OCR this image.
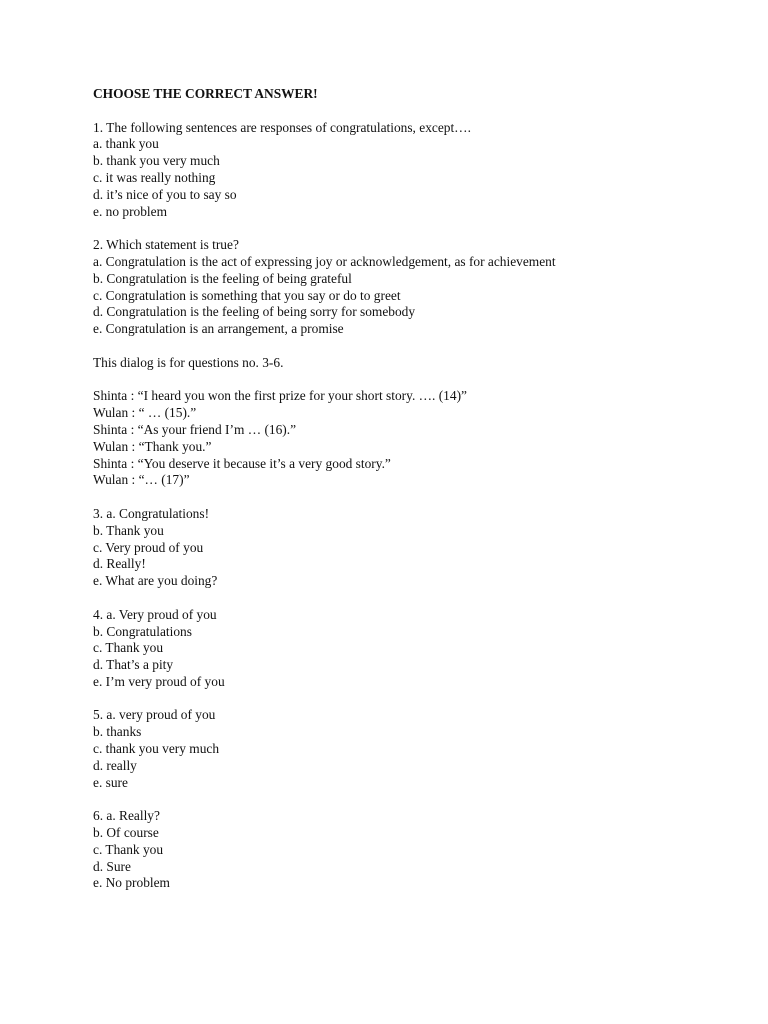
CHOOSE THE CORRECT ANSWER!
1. The following sentences are responses of congratulations, except….
a. thank you
b. thank you very much
c. it was really nothing
d. it’s nice of you to say so
e. no problem
2. Which statement is true?
a. Congratulation is the act of expressing joy or acknowledgement, as for achievement
b. Congratulation is the feeling of being grateful
c. Congratulation is something that you say or do to greet
d. Congratulation is the feeling of being sorry for somebody
e. Congratulation is an arrangement, a promise
This dialog is for questions no. 3-6.
Shinta : “I heard you won the first prize for your short story. …. (14)”
Wulan : “ … (15).”
Shinta : “As your friend I’m … (16).”
Wulan : “Thank you.”
Shinta : “You deserve it because it’s a very good story.”
Wulan : “… (17)”
3. a. Congratulations!
b. Thank you
c. Very proud of you
d. Really!
e. What are you doing?
4. a. Very proud of you
b. Congratulations
c. Thank you
d. That’s a pity
e. I’m very proud of you
5. a. very proud of you
b. thanks
c. thank you very much
d. really
e. sure
6. a. Really?
b. Of course
c. Thank you
d. Sure
e. No problem
